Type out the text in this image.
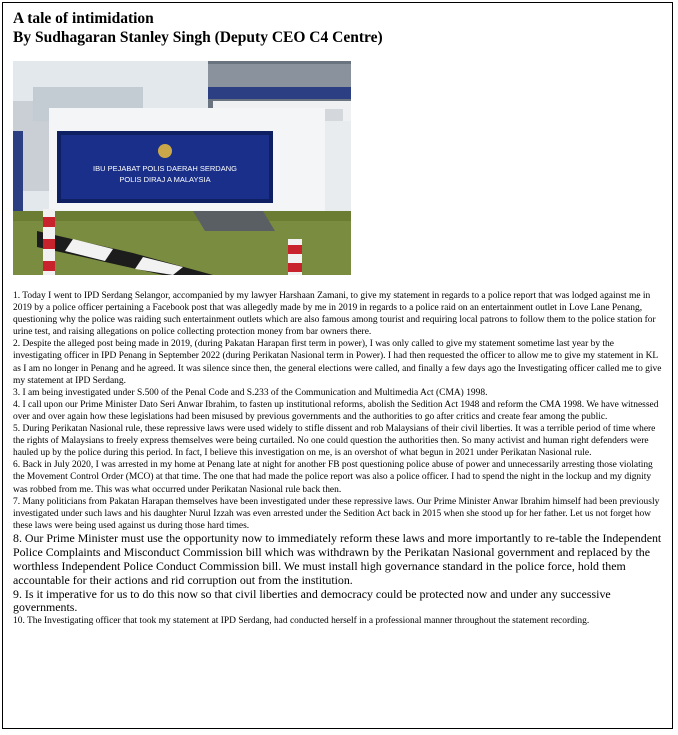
A tale of intimidation
By Sudhagaran Stanley Singh (Deputy CEO C4 Centre)
IBU PEJABAT POLIS DAERAH SERDANG
POLIS DIRAJ A MALAYSIA

1. Today I went to IPD Serdang Selangor, accompanied by my lawyer Harshaan Zamani, to give my statement in regards to a police report that was lodged against me in 2019 by a police officer pertaining a Facebook post that was allegedly made by me in 2019 in regards to a police raid on an entertainment outlet in Love Lane Penang, questioning why the police was raiding such entertainment outlets which are also famous among tourist and requiring local patrons to follow them to the police station for urine test, and raising allegations on police collecting protection money from bar owners there.

2. Despite the alleged post being made in 2019, (during Pakatan Harapan first term in power), I was only called to give my statement sometime last year by the investigating officer in IPD Penang in September 2022 (during Perikatan Nasional term in Power). I had then requested the officer to allow me to give my statement in KL as I am no longer in Penang and he agreed. It was silence since then, the general elections were called, and finally a few days ago the Investigating officer called me to give my statement at IPD Serdang.

3. I am being investigated under S.500 of the Penal Code and S.233 of the Communication and Multimedia Act (CMA) 1998.

4. I call upon our Prime Minister Dato Seri Anwar Ibrahim, to fasten up institutional reforms, abolish the Sedition Act 1948 and reform the CMA 1998. We have witnessed over and over again how these legislations had been misused by previous governments and the authorities to go after critics and create fear among the public.

5. During Perikatan Nasional rule, these repressive laws were used widely to stifle dissent and rob Malaysians of their civil liberties. It was a terrible period of time where the rights of Malaysians to freely express themselves were being curtailed. No one could question the authorities then. So many activist and human right defenders were hauled up by the police during this period. In fact, I believe this investigation on me, is an overshot of what begun in 2021 under Perikatan Nasional rule.

6. Back in July 2020, I was arrested in my home at Penang late at night for another FB post questioning police abuse of power and unnecessarily arresting those violating the Movement Control Order (MCO) at that time. The one that had made the police report was also a police officer. I had to spend the night in the lockup and my dignity was robbed from me. This was what occurred under Perikatan Nasional rule back then.

7. Many politicians from Pakatan Harapan themselves have been investigated under these repressive laws. Our Prime Minister Anwar Ibrahim himself had been previously investigated under such laws and his daughter Nurul Izzah was even arrested under the Sedition Act back in 2015 when she stood up for her father. Let us not forget how these laws were being used against us during those hard times.

8. Our Prime Minister must use the opportunity now to immediately reform these laws and more importantly to re-table the Independent Police Complaints and Misconduct Commission bill which was withdrawn by the Perikatan Nasional government and replaced by the worthless Independent Police Conduct Commission bill. We must install high governance standard in the police force, hold them accountable for their actions and rid corruption out from the institution.

9. Is it imperative for us to do this now so that civil liberties and democracy could be protected now and under any successive governments.

10. The Investigating officer that took my statement at IPD Serdang, had conducted herself in a professional manner throughout the statement recording.
